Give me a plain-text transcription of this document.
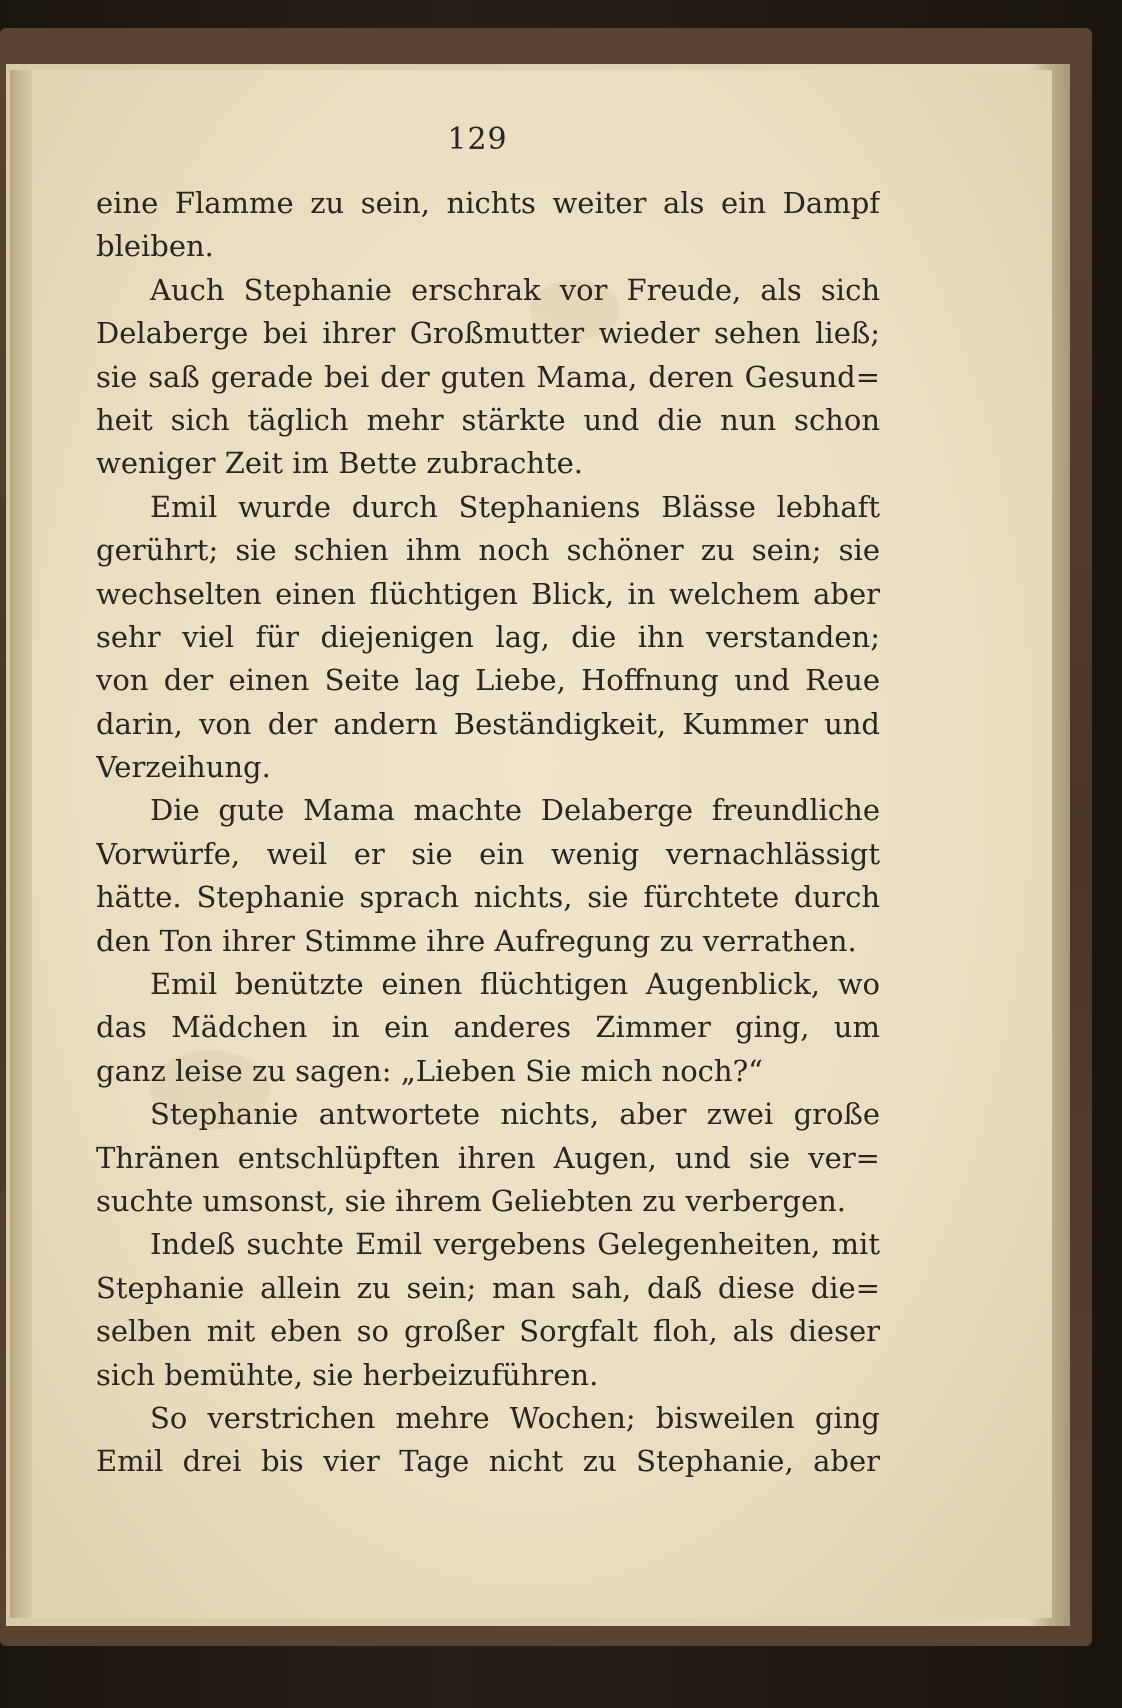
129
eine Flamme zu sein, nichts weiter als ein Dampf
bleiben.
Auch Stephanie erschrak vor Freude, als sich
Delaberge bei ihrer Großmutter wieder sehen ließ;
sie saß gerade bei der guten Mama, deren Gesund=
heit sich täglich mehr stärkte und die nun schon
weniger Zeit im Bette zubrachte.
Emil wurde durch Stephaniens Blässe lebhaft
gerührt; sie schien ihm noch schöner zu sein; sie
wechselten einen flüchtigen Blick, in welchem aber
sehr viel für diejenigen lag, die ihn verstanden;
von der einen Seite lag Liebe, Hoffnung und Reue
darin, von der andern Beständigkeit, Kummer und
Verzeihung.
Die gute Mama machte Delaberge freundliche
Vorwürfe, weil er sie ein wenig vernachlässigt
hätte. Stephanie sprach nichts, sie fürchtete durch
den Ton ihrer Stimme ihre Aufregung zu verrathen.
Emil benützte einen flüchtigen Augenblick, wo
das Mädchen in ein anderes Zimmer ging, um
ganz leise zu sagen: „Lieben Sie mich noch?“
Stephanie antwortete nichts, aber zwei große
Thränen entschlüpften ihren Augen, und sie ver=
suchte umsonst, sie ihrem Geliebten zu verbergen.
Indeß suchte Emil vergebens Gelegenheiten, mit
Stephanie allein zu sein; man sah, daß diese die=
selben mit eben so großer Sorgfalt floh, als dieser
sich bemühte, sie herbeizuführen.
So verstrichen mehre Wochen; bisweilen ging
Emil drei bis vier Tage nicht zu Stephanie, aber
